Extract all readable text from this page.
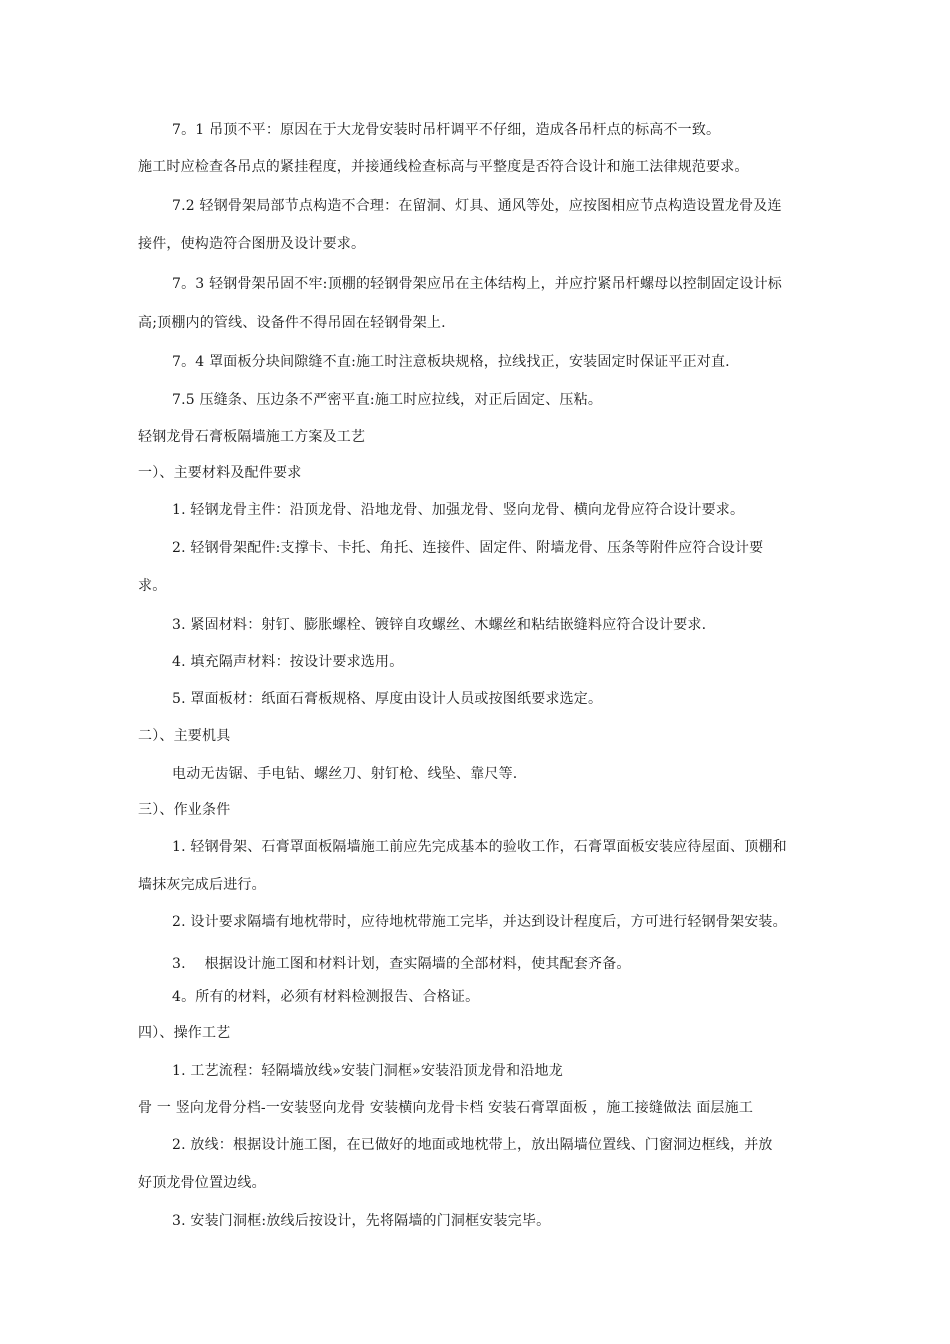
7。1 吊顶不平：原因在于大龙骨安装时吊杆调平不仔细，造成各吊杆点的标高不一致。
施工时应检查各吊点的紧挂程度，并接通线检查标高与平整度是否符合设计和施工法律规范要求。
7.2 轻钢骨架局部节点构造不合理：在留洞、灯具、通风等处，应按图相应节点构造设置龙骨及连
接件，使构造符合图册及设计要求。
7。3 轻钢骨架吊固不牢:顶棚的轻钢骨架应吊在主体结构上，并应拧紧吊杆螺母以控制固定设计标
高;顶棚内的管线、设备件不得吊固在轻钢骨架上.
7。4 罩面板分块间隙缝不直:施工时注意板块规格，拉线找正，安装固定时保证平正对直.
7.5 压缝条、压边条不严密平直:施工时应拉线，对正后固定、压粘。
轻钢龙骨石膏板隔墙施工方案及工艺
一）、主要材料及配件要求
1. 轻钢龙骨主件：沿顶龙骨、沿地龙骨、加强龙骨、竖向龙骨、横向龙骨应符合设计要求。
2. 轻钢骨架配件:支撑卡、卡托、角托、连接件、固定件、附墙龙骨、压条等附件应符合设计要
求。
3. 紧固材料：射钉、膨胀螺栓、镀锌自攻螺丝、木螺丝和粘结嵌缝料应符合设计要求.
4. 填充隔声材料：按设计要求选用。
5. 罩面板材：纸面石膏板规格、厚度由设计人员或按图纸要求选定。
二）、主要机具
电动无齿锯、手电钻、螺丝刀、射钉枪、线坠、靠尺等.
三）、作业条件
1. 轻钢骨架、石膏罩面板隔墙施工前应先完成基本的验收工作，石膏罩面板安装应待屋面、顶棚和
墙抹灰完成后进行。
2. 设计要求隔墙有地枕带时，应待地枕带施工完毕，并达到设计程度后，方可进行轻钢骨架安装。
3.　 根据设计施工图和材料计划，查实隔墙的全部材料，使其配套齐备。
4。所有的材料，必须有材料检测报告、合格证。
四）、操作工艺
1. 工艺流程：轻隔墙放线»安装门洞框»安装沿顶龙骨和沿地龙
骨 一 竖向龙骨分档-一安装竖向龙骨 安装横向龙骨卡档 安装石膏罩面板 ，施工接缝做法 面层施工
2. 放线：根据设计施工图，在已做好的地面或地枕带上，放出隔墙位置线、门窗洞边框线，并放
好顶龙骨位置边线。
3. 安装门洞框:放线后按设计，先将隔墙的门洞框安装完毕。
